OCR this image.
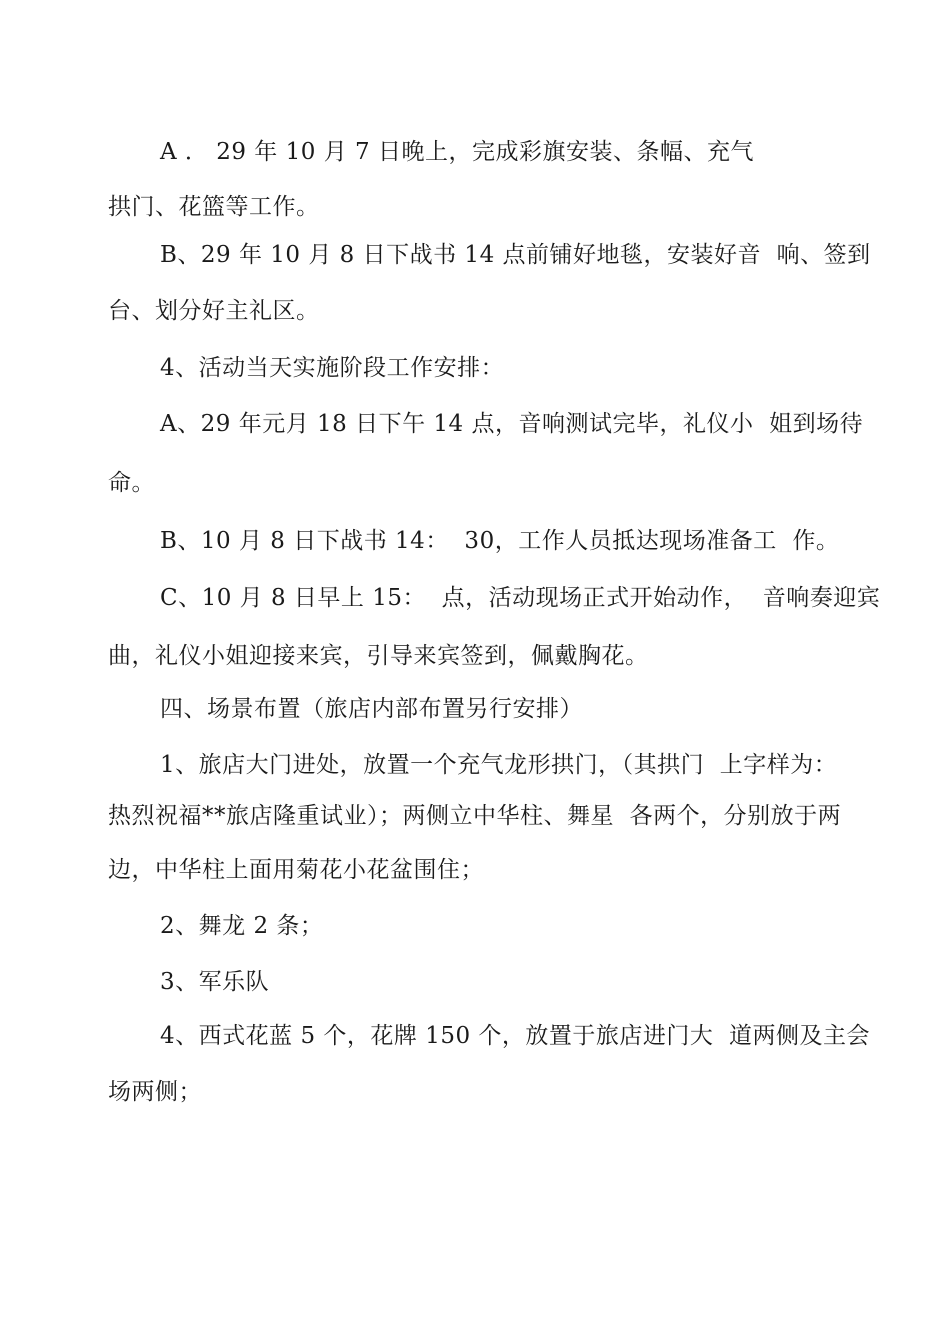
A ． 29 年 10 月 7 日晚上，完成彩旗安装、条幅、充气
拱门、花篮等工作。
B、29 年 10 月 8 日下战书 14 点前铺好地毯，安装好音  响、签到
台、划分好主礼区。
4、活动当天实施阶段工作安排：
A、29 年元月 18 日下午 14 点，音响测试完毕，礼仪小  姐到场待
命。
B、10 月 8 日下战书 14：  30，工作人员抵达现场准备工  作。
C、10 月 8 日早上 15：  点，活动现场正式开始动作，  音响奏迎宾
曲，礼仪小姐迎接来宾，引导来宾签到，佩戴胸花。
四、场景布置（旅店内部布置另行安排）
1、旅店大门进处，放置一个充气龙形拱门，（其拱门  上字样为：
热烈祝福**旅店隆重试业）；两侧立中华柱、舞星  各两个，分别放于两
边，中华柱上面用菊花小花盆围住；
2、舞龙 2 条；
3、军乐队
4、西式花蓝 5 个，花牌 150 个，放置于旅店进门大  道两侧及主会
场两侧；
